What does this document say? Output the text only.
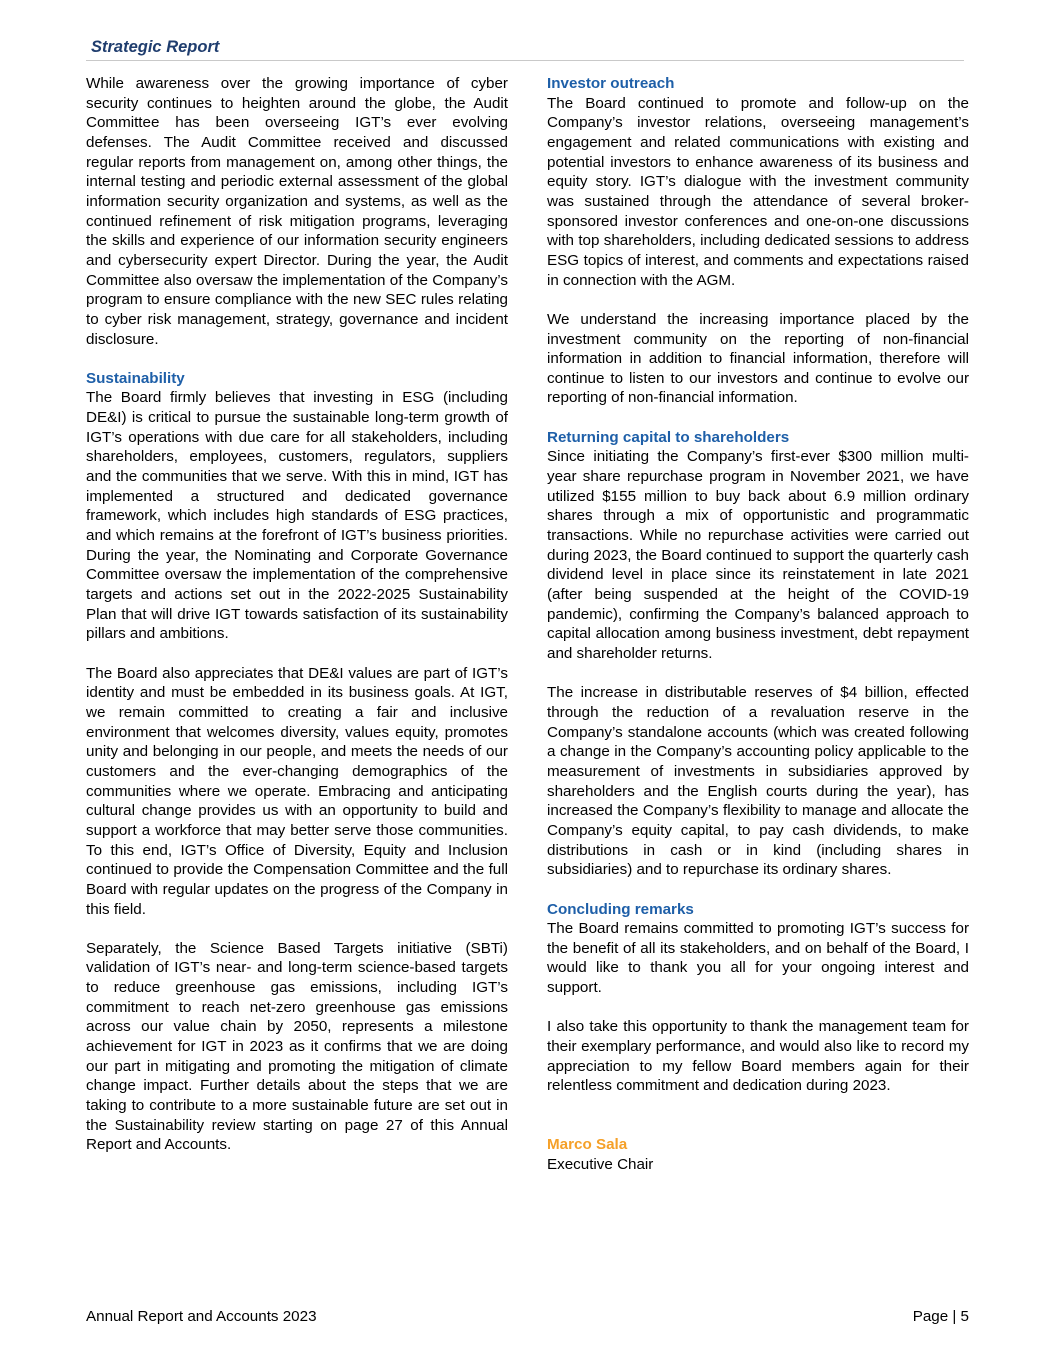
Strategic Report

While awareness over the growing importance of cyber security continues to heighten around the globe, the Audit Committee has been overseeing IGT’s ever evolving defenses. The Audit Committee received and discussed regular reports from management on, among other things, the internal testing and periodic external assessment of the global information security organization and systems, as well as the continued refinement of risk mitigation programs, leveraging the skills and experience of our information security engineers and cybersecurity expert Director. During the year, the Audit Committee also oversaw the implementation of the Company’s program to ensure compliance with the new SEC rules relating to cyber risk management, strategy, governance and incident disclosure.

Sustainability

The Board firmly believes that investing in ESG (including DE&I) is critical to pursue the sustainable long-term growth of IGT’s operations with due care for all stakeholders, including shareholders, employees, customers, regulators, suppliers and the communities that we serve. With this in mind, IGT has implemented a structured and dedicated governance framework, which includes high standards of ESG practices, and which remains at the forefront of IGT’s business priorities. During the year, the Nominating and Corporate Governance Committee oversaw the implementation of the comprehensive targets and actions set out in the 2022-2025 Sustainability Plan that will drive IGT towards satisfaction of its sustainability pillars and ambitions.

The Board also appreciates that DE&I values are part of IGT’s identity and must be embedded in its business goals. At IGT, we remain committed to creating a fair and inclusive environment that welcomes diversity, values equity, promotes unity and belonging in our people, and meets the needs of our customers and the ever-changing demographics of the communities where we operate. Embracing and anticipating cultural change provides us with an opportunity to build and support a workforce that may better serve those communities. To this end, IGT’s Office of Diversity, Equity and Inclusion continued to provide the Compensation Committee and the full Board with regular updates on the progress of the Company in this field.

Separately, the Science Based Targets initiative (SBTi) validation of IGT’s near- and long-term science-based targets to reduce greenhouse gas emissions, including IGT’s commitment to reach net-zero greenhouse gas emissions across our value chain by 2050, represents a milestone achievement for IGT in 2023 as it confirms that we are doing our part in mitigating and promoting the mitigation of climate change impact. Further details about the steps that we are taking to contribute to a more sustainable future are set out in the Sustainability review starting on page 27 of this Annual Report and Accounts.

Investor outreach

The Board continued to promote and follow-up on the Company’s investor relations, overseeing management’s engagement and related communications with existing and potential investors to enhance awareness of its business and equity story. IGT’s dialogue with the investment community was sustained through the attendance of several broker-sponsored investor conferences and one-on-one discussions with top shareholders, including dedicated sessions to address ESG topics of interest, and comments and expectations raised in connection with the AGM.

We understand the increasing importance placed by the investment community on the reporting of non-financial information in addition to financial information, therefore will continue to listen to our investors and continue to evolve our reporting of non-financial information.

Returning capital to shareholders

Since initiating the Company’s first-ever $300 million multi-year share repurchase program in November 2021, we have utilized $155 million to buy back about 6.9 million ordinary shares through a mix of opportunistic and programmatic transactions. While no repurchase activities were carried out during 2023, the Board continued to support the quarterly cash dividend level in place since its reinstatement in late 2021 (after being suspended at the height of the COVID-19 pandemic), confirming the Company’s balanced approach to capital allocation among business investment, debt repayment and shareholder returns.

The increase in distributable reserves of $4 billion, effected through the reduction of a revaluation reserve in the Company’s standalone accounts (which was created following a change in the Company’s accounting policy applicable to the measurement of investments in subsidiaries approved by shareholders and the English courts during the year), has increased the Company’s flexibility to manage and allocate the Company’s equity capital, to pay cash dividends, to make distributions in cash or in kind (including shares in subsidiaries) and to repurchase its ordinary shares.

Concluding remarks

The Board remains committed to promoting IGT’s success for the benefit of all its stakeholders, and on behalf of the Board, I would like to thank you all for your ongoing interest and support.

I also take this opportunity to thank the management team for their exemplary performance, and would also like to record my appreciation to my fellow Board members again for their relentless commitment and dedication during 2023.

Marco Sala

Executive Chair

Annual Report and Accounts 2023	Page | 5
